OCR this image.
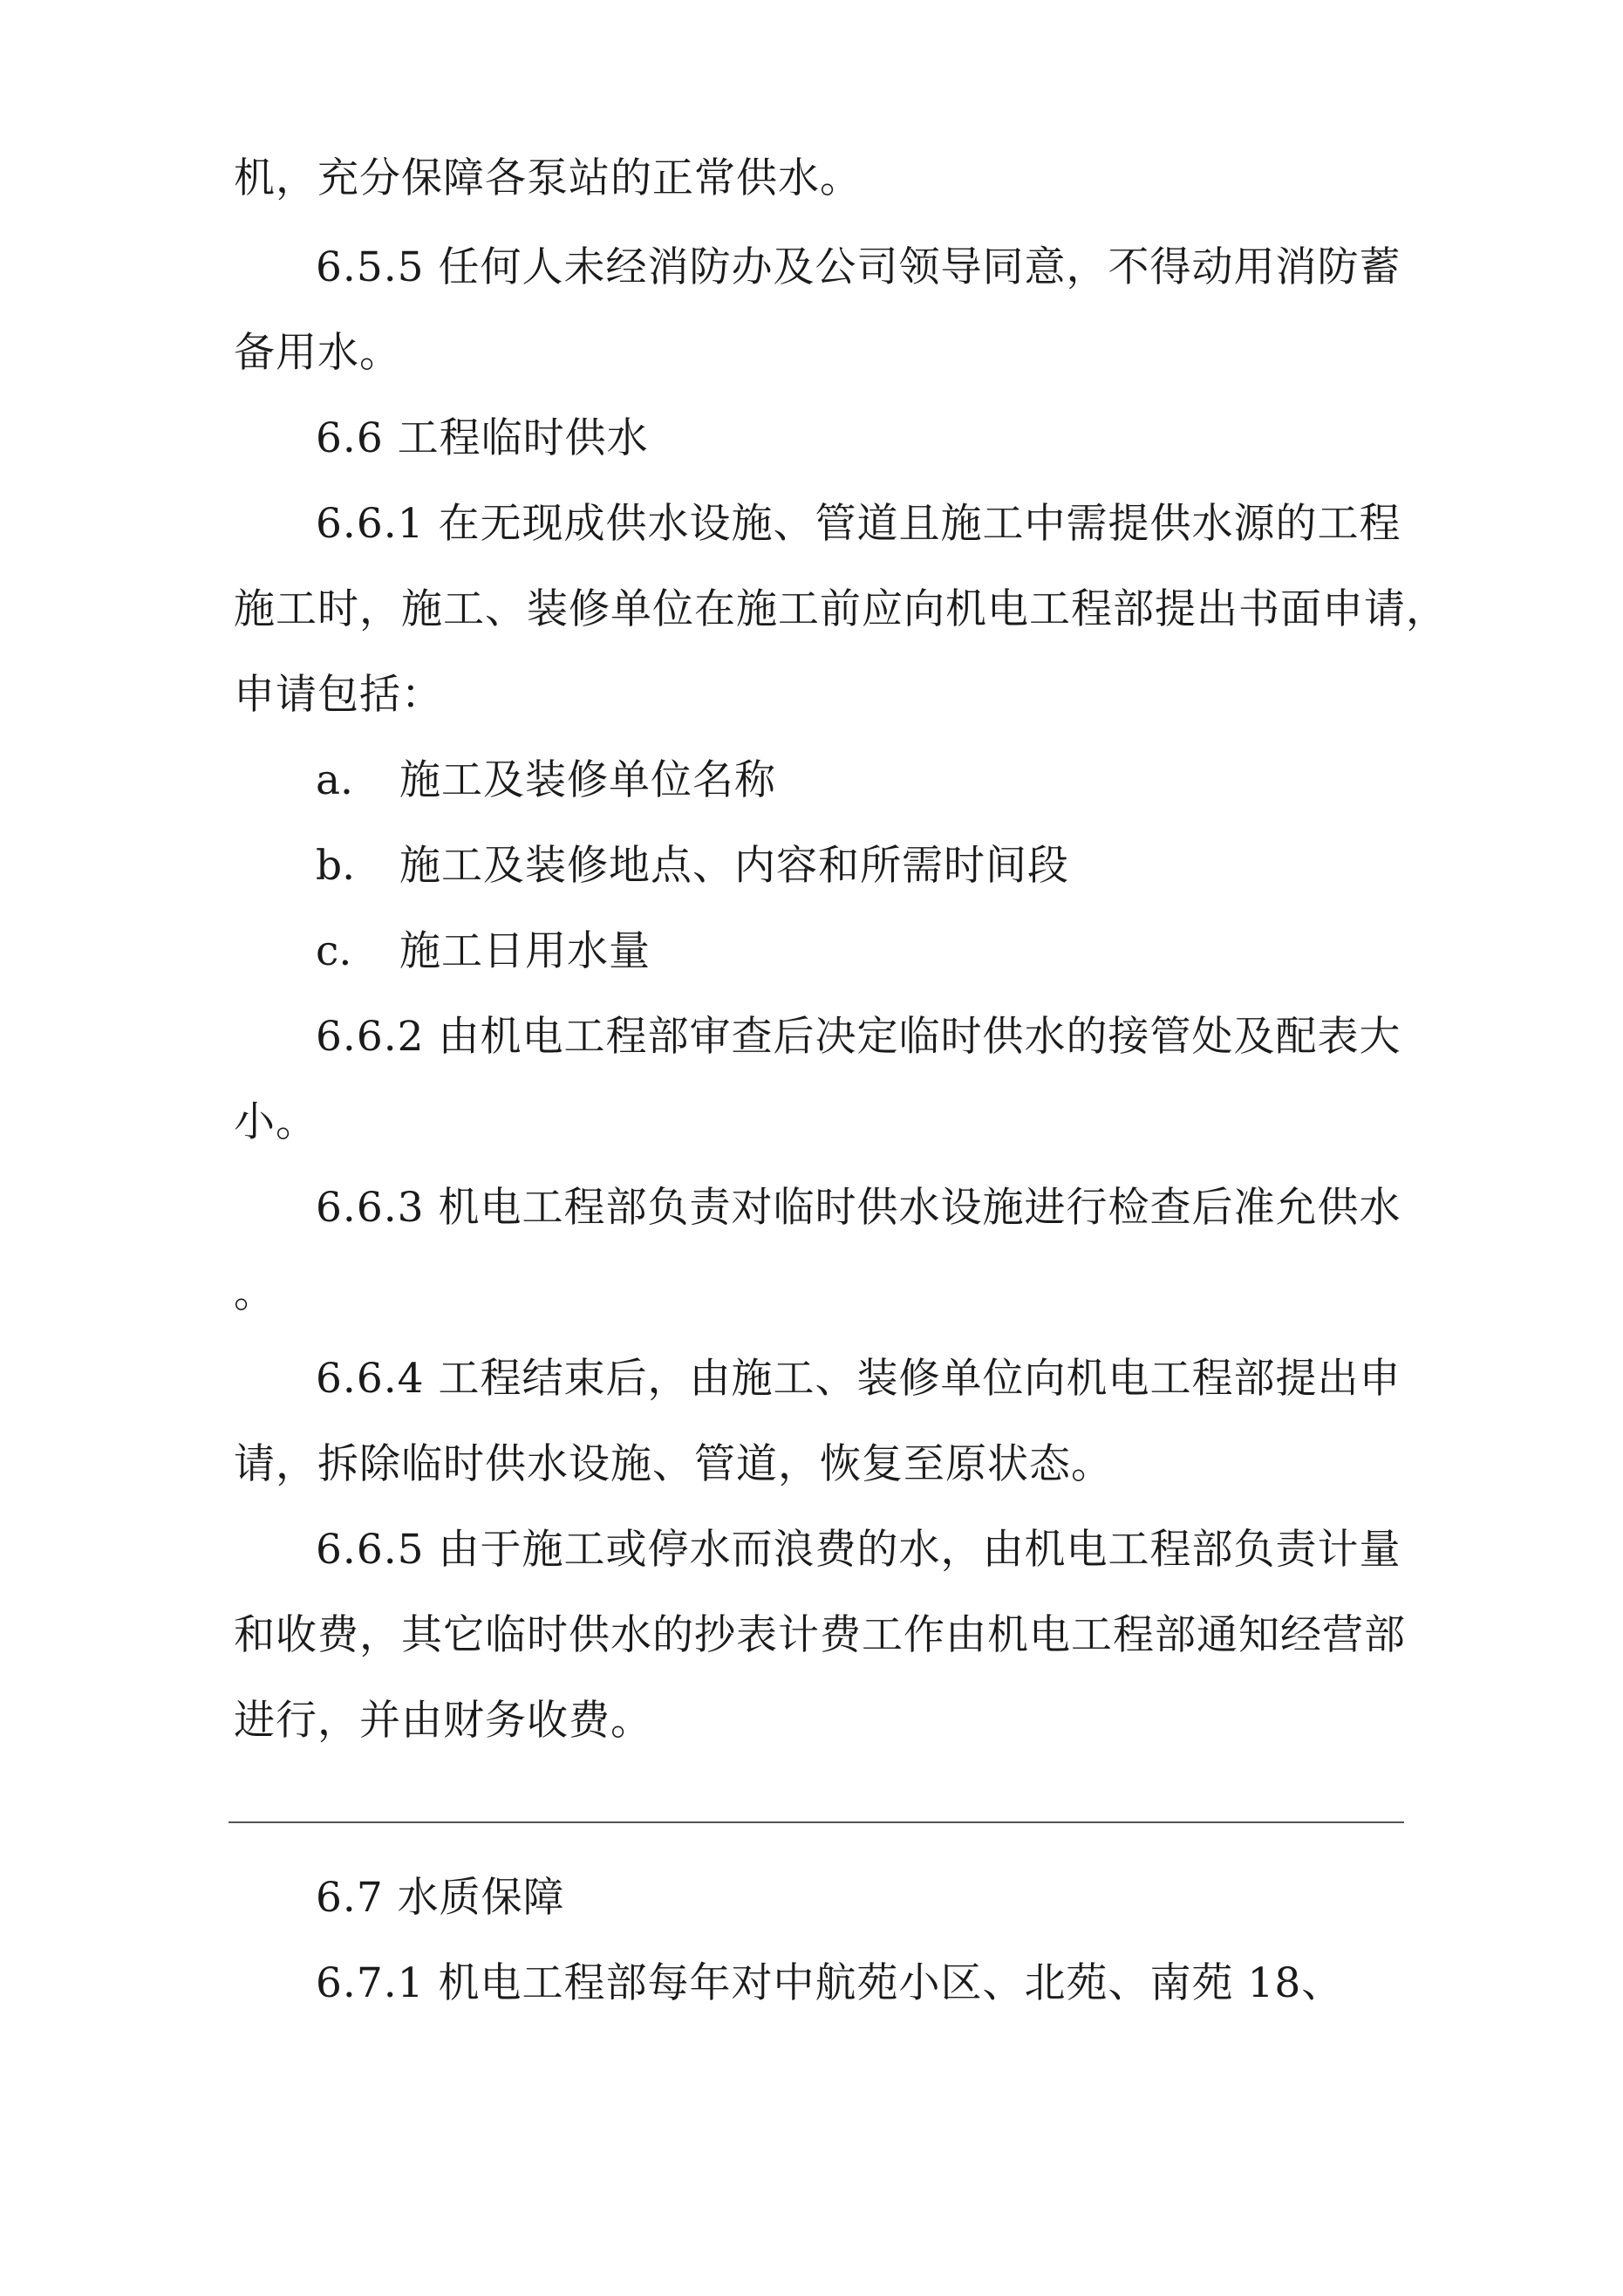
机，充分保障各泵站的正常供水。
6.5.5 任何人未经消防办及公司领导同意，不得动用消防蓄
备用水。
6.6 工程临时供水
6.6.1 在无现成供水设施、管道且施工中需提供水源的工程
施工时，施工、装修单位在施工前应向机电工程部提出书面申请，
申请包括：
a. 施工及装修单位名称
b. 施工及装修地点、内容和所需时间段
c. 施工日用水量
6.6.2 由机电工程部审查后决定临时供水的接管处及配表大
小。
6.6.3 机电工程部负责对临时供水设施进行检查后准允供水
。
6.6.4 工程结束后，由施工、装修单位向机电工程部提出申
请，拆除临时供水设施、管道，恢复至原状态。
6.6.5 由于施工或停水而浪费的水，由机电工程部负责计量
和收费，其它临时供水的抄表计费工作由机电工程部通知经营部
进行，并由财务收费。
6.7 水质保障
6.7.1 机电工程部每年对中航苑小区、北苑、南苑 18、
